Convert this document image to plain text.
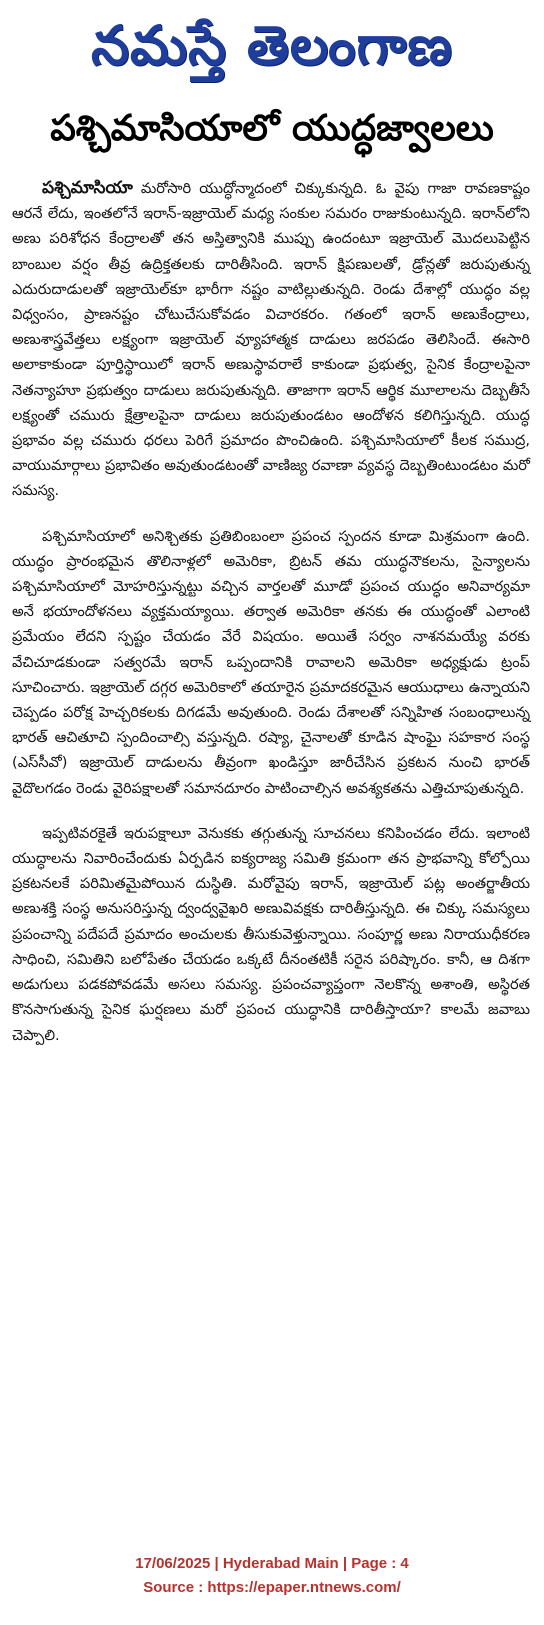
నమస్తే తెలంగాణ
పశ్చిమాసియాలో యుద్ధజ్వాలలు

పశ్చిమాసియా మరోసారి యుద్ధోన్మాదంలో చిక్కుకున్నది. ఓ వైపు గాజా రావణకాష్టం ఆరనే లేదు, ఇంతలోనే ఇరాన్‌-ఇజ్రాయెల్‌ మధ్య సంకుల సమరం రాజుకుంటున్నది. ఇరాన్‌లోని అణు పరిశోధన కేంద్రాలతో తన అస్తిత్వానికి ముప్పు ఉందంటూ ఇజ్రాయెల్‌ మొదలుపెట్టిన బాంబుల వర్షం తీవ్ర ఉద్రిక్తతలకు దారితీసింది. ఇరాన్‌ క్షిపణులతో, డ్రోన్లతో జరుపుతున్న ఎదురుదాడులతో ఇజ్రాయెల్‌కూ భారీగా నష్టం వాటిల్లుతున్నది. రెండు దేశాల్లో యుద్ధం వల్ల విధ్వంసం, ప్రాణనష్టం చోటుచేసుకోవడం విచారకరం. గతంలో ఇరాన్‌ అణుకేంద్రాలు, అణుశాస్త్రవేత్తలు లక్ష్యంగా ఇజ్రాయెల్‌ వ్యూహాత్మక దాడులు జరపడం తెలిసిందే. ఈసారి అలాకాకుండా పూర్తిస్థాయిలో ఇరాన్‌ అణుస్థావరాలే కాకుండా ప్రభుత్వ, సైనిక కేంద్రాలపైనా నెతన్యాహూ ప్రభుత్వం దాడులు జరుపుతున్నది. తాజాగా ఇరాన్‌ ఆర్థిక మూలాలను దెబ్బతీసే లక్ష్యంతో చమురు క్షేత్రాలపైనా దాడులు జరుపుతుండటం ఆందోళన కలిగిస్తున్నది. యుద్ధ ప్రభావం వల్ల చమురు ధరలు పెరిగే ప్రమాదం పొంచిఉంది. పశ్చిమాసియాలో కీలక సముద్ర, వాయుమార్గాలు ప్రభావితం అవుతుండటంతో వాణిజ్య రవాణా వ్యవస్థ దెబ్బతింటుండటం మరో సమస్య.

పశ్చిమాసియాలో అనిశ్చితకు ప్రతిబింబంలా ప్రపంచ స్పందన కూడా మిశ్రమంగా ఉంది. యుద్ధం ప్రారంభమైన తొలినాళ్లలో అమెరికా, బ్రిటన్‌ తమ యుద్ధనౌకలను, సైన్యాలను పశ్చిమాసియాలో మోహరిస్తున్నట్టు వచ్చిన వార్తలతో మూడో ప్రపంచ యుద్ధం అనివార్యమా అనే భయాందోళనలు వ్యక్తమయ్యాయి. తర్వాత అమెరికా తనకు ఈ యుద్ధంతో ఎలాంటి ప్రమేయం లేదని స్పష్టం చేయడం వేరే విషయం. అయితే సర్వం నాశనమయ్యే వరకు వేచిచూడకుండా సత్వరమే ఇరాన్‌ ఒప్పందానికి రావాలని అమెరికా అధ్యక్షుడు ట్రంప్‌ సూచించారు. ఇజ్రాయెల్‌ దగ్గర అమెరికాలో తయారైన ప్రమాదకరమైన ఆయుధాలు ఉన్నాయని చెప్పడం పరోక్ష హెచ్చరికలకు దిగడమే అవుతుంది. రెండు దేశాలతో సన్నిహిత సంబంధాలున్న భారత్‌ ఆచితూచి స్పందించాల్సి వస్తున్నది. రష్యా, చైనాలతో కూడిన షాంఘై సహకార సంస్థ (ఎస్‌సీవో) ఇజ్రాయెల్‌ దాడులను తీవ్రంగా ఖండిస్తూ జారీచేసిన ప్రకటన నుంచి భారత్‌ వైదొలగడం రెండు వైరిపక్షాలతో సమానదూరం పాటించాల్సిన అవశ్యకతను ఎత్తిచూపుతున్నది.

ఇప్పటివరకైతే ఇరుపక్షాలూ వెనుకకు తగ్గుతున్న సూచనలు కనిపించడం లేదు. ఇలాంటి యుద్ధాలను నివారించేందుకు ఏర్పడిన ఐక్యరాజ్య సమితి క్రమంగా తన ప్రాభవాన్ని కోల్పోయి ప్రకటనలకే పరిమితమైపోయిన దుస్థితి. మరోవైపు ఇరాన్‌, ఇజ్రాయెల్‌ పట్ల అంతర్జాతీయ అణుశక్తి సంస్థ అనుసరిస్తున్న ద్వంద్వవైఖరి అణువివక్షకు దారితీస్తున్నది. ఈ చిక్కు సమస్యలు ప్రపంచాన్ని పదేపదే ప్రమాదం అంచులకు తీసుకువెళ్తున్నాయి. సంపూర్ణ అణు నిరాయుధీకరణ సాధించి, సమితిని బలోపేతం చేయడం ఒక్కటే దీనంతటికీ సరైన పరిష్కారం. కానీ, ఆ దిశగా అడుగులు పడకపోవడమే అసలు సమస్య. ప్రపంచవ్యాప్తంగా నెలకొన్న అశాంతి, అస్థిరత కొనసాగుతున్న సైనిక ఘర్షణలు మరో ప్రపంచ యుద్ధానికి దారితీస్తాయా? కాలమే జవాబు చెప్పాలి.

17/06/2025 | Hyderabad Main | Page : 4
Source : https://epaper.ntnews.com/
